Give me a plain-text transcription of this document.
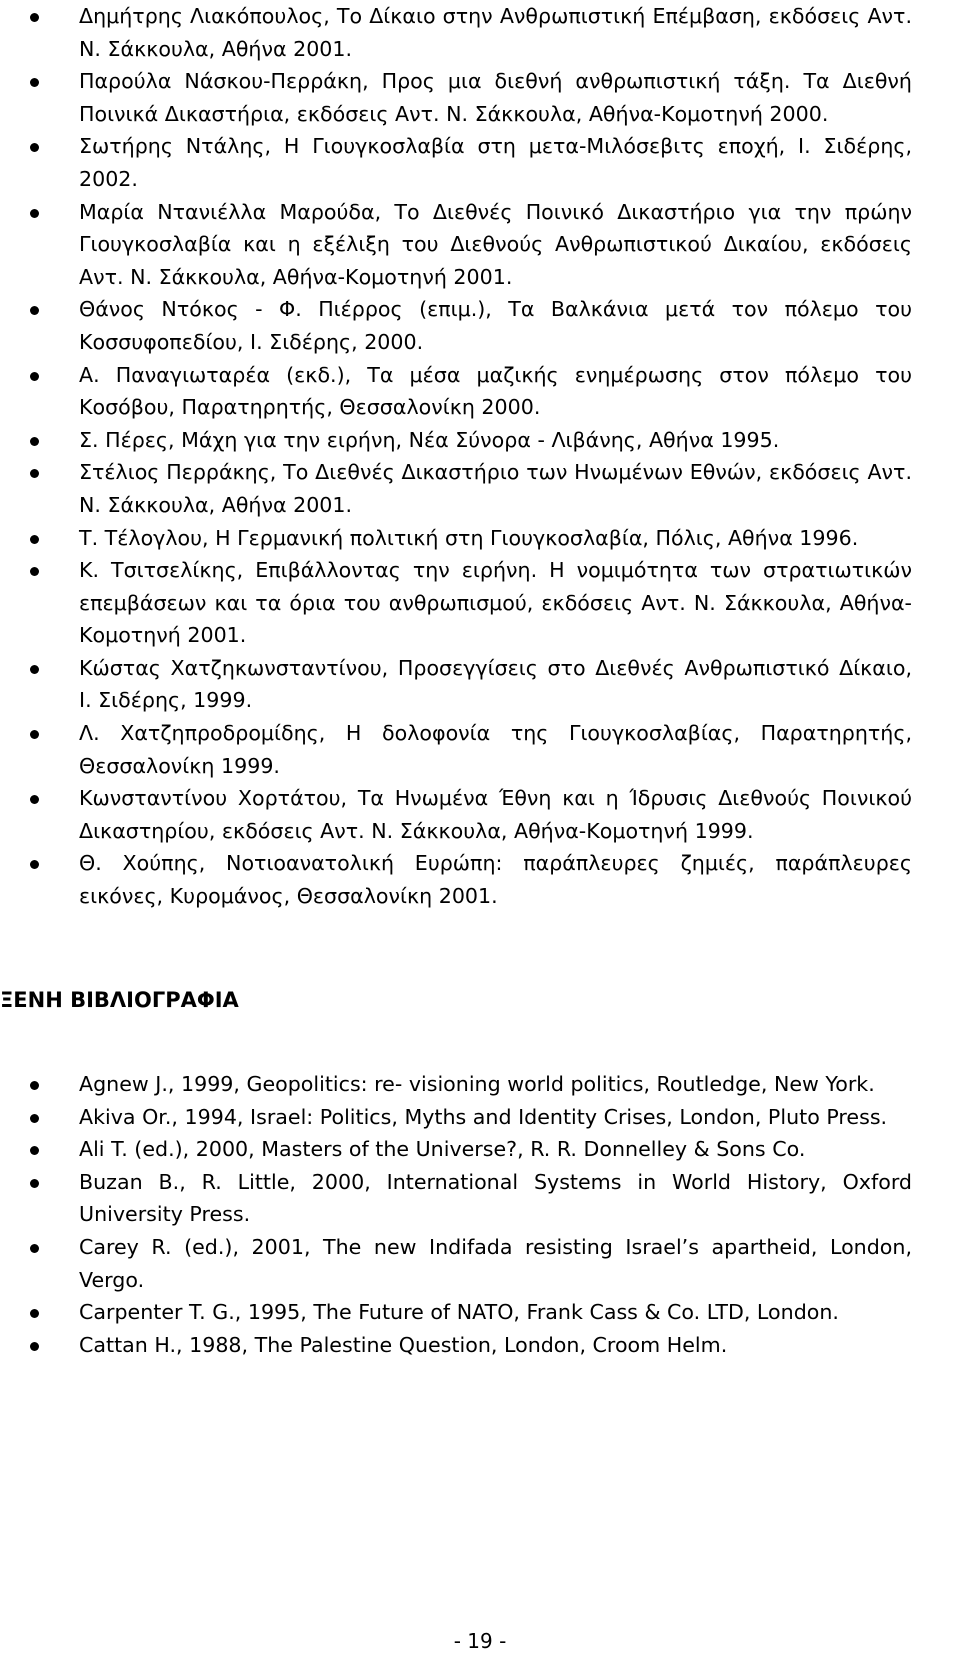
Δημήτρης Λιακόπουλος, Το Δίκαιο στην Ανθρωπιστική Επέμβαση, εκδόσεις Αντ. Ν. Σάκκουλα, Αθήνα 2001.
Παρούλα Νάσκου-Περράκη, Προς μια διεθνή ανθρωπιστική τάξη. Τα Διεθνή Ποινικά Δικαστήρια, εκδόσεις Αντ. Ν. Σάκκουλα, Αθήνα-Κομοτηνή 2000.
Σωτήρης Ντάλης, Η Γιουγκοσλαβία στη μετα-Μιλόσεβιτς εποχή, Ι. Σιδέρης, 2002.
Μαρία Ντανιέλλα Μαρούδα, Το Διεθνές Ποινικό Δικαστήριο για την πρώην Γιουγκοσλαβία και η εξέλιξη του Διεθνούς Ανθρωπιστικού Δικαίου, εκδόσεις Αντ. Ν. Σάκκουλα, Αθήνα-Κομοτηνή 2001.
Θάνος Ντόκος - Φ. Πιέρρος (επιμ.), Τα Βαλκάνια μετά τον πόλεμο του Κοσσυφοπεδίου, Ι. Σιδέρης, 2000.
Α. Παναγιωταρέα (εκδ.), Τα μέσα μαζικής ενημέρωσης στον πόλεμο του Κοσόβου, Παρατηρητής, Θεσσαλονίκη 2000.
Σ. Πέρες, Μάχη για την ειρήνη, Νέα Σύνορα - Λιβάνης, Αθήνα 1995.
Στέλιος Περράκης, Το Διεθνές Δικαστήριο των Ηνωμένων Εθνών, εκδόσεις Αντ. Ν. Σάκκουλα, Αθήνα 2001.
Τ. Τέλογλου, Η Γερμανική πολιτική στη Γιουγκοσλαβία, Πόλις, Αθήνα 1996.
Κ. Τσιτσελίκης, Επιβάλλοντας την ειρήνη. Η νομιμότητα των στρατιωτικών επεμβάσεων και τα όρια του ανθρωπισμού, εκδόσεις Αντ. Ν. Σάκκουλα, Αθήνα-Κομοτηνή 2001.
Κώστας Χατζηκωνσταντίνου, Προσεγγίσεις στο Διεθνές Ανθρωπιστικό Δίκαιο, Ι. Σιδέρης, 1999.
Λ. Χατζηπροδρομίδης, Η δολοφονία της Γιουγκοσλαβίας, Παρατηρητής, Θεσσαλονίκη 1999.
Κωνσταντίνου Χορτάτου, Τα Ηνωμένα Έθνη και η Ίδρυσις Διεθνούς Ποινικού Δικαστηρίου, εκδόσεις Αντ. Ν. Σάκκουλα, Αθήνα-Κομοτηνή 1999.
Θ. Χούπης, Νοτιοανατολική Ευρώπη: παράπλευρες ζημιές, παράπλευρες εικόνες, Κυρομάνος, Θεσσαλονίκη 2001.
ΞΕΝΗ ΒΙΒΛΙΟΓΡΑΦΙΑ
Agnew J., 1999, Geopolitics: re- visioning world politics, Routledge, New York.
Akiva Or., 1994, Israel: Politics, Myths and Identity Crises, London, Pluto Press.
Ali T. (ed.), 2000, Masters of the Universe?, R. R. Donnelley & Sons Co.
Buzan B., R. Little, 2000, International Systems in World History, Oxford University Press.
Carey R. (ed.), 2001, The new Indifada resisting Israel’s apartheid, London, Vergo.
Carpenter T. G., 1995, The Future of NATO, Frank Cass & Co. LTD, London.
Cattan H., 1988, The Palestine Question, London, Croom Helm.
- 19 -
